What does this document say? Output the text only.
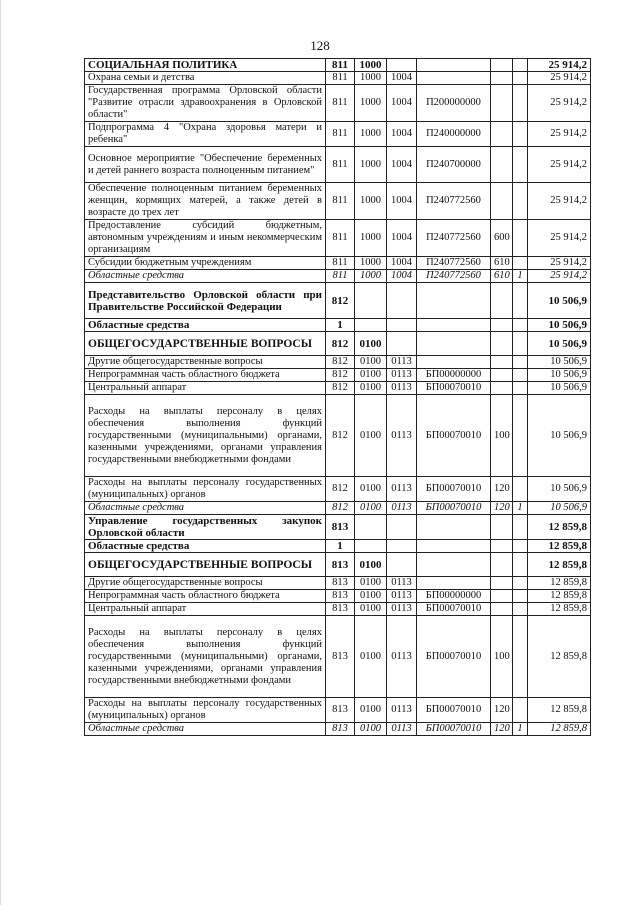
128
СОЦИАЛЬНАЯ ПОЛИТИКА	811	1000					25 914,2
Охрана семьи и детства	811	1000	1004				25 914,2
Государственная программа Орловской области "Развитие отрасли здравоохранения в Орловской области"	811	1000	1004	П200000000			25 914,2
Подпрограмма 4 "Охрана здоровья матери и ребенка"	811	1000	1004	П240000000			25 914,2
Основное мероприятие "Обеспечение беременных и детей раннего возраста полноценным питанием"	811	1000	1004	П240700000			25 914,2
Обеспечение полноценным питанием беременных женщин, кормящих матерей, а также детей в возрасте до трех лет	811	1000	1004	П240772560			25 914,2
Предоставление субсидий бюджетным, автономным учреждениям и иным некоммерческим организациям	811	1000	1004	П240772560	600		25 914,2
Субсидии бюджетным учреждениям	811	1000	1004	П240772560	610		25 914,2
Областные средства	811	1000	1004	П240772560	610	1	25 914,2
Представительство Орловской области при Правительстве Российской Федерации	812						10 506,9
Областные средства	1						10 506,9
ОБЩЕГОСУДАРСТВЕННЫЕ ВОПРОСЫ	812	0100					10 506,9
Другие общегосударственные вопросы	812	0100	0113				10 506,9
Непрограммная часть областного бюджета	812	0100	0113	БП00000000			10 506,9
Центральный аппарат	812	0100	0113	БП00070010			10 506,9
Расходы на выплаты персоналу в целях обеспечения выполнения функций государственными (муниципальными) органами, казенными учреждениями, органами управления государственными внебюджетными фондами	812	0100	0113	БП00070010	100		10 506,9
Расходы на выплаты персоналу государственных (муниципальных) органов	812	0100	0113	БП00070010	120		10 506,9
Областные средства	812	0100	0113	БП00070010	120	1	10 506,9
Управление государственных закупок Орловской области	813						12 859,8
Областные средства	1						12 859,8
ОБЩЕГОСУДАРСТВЕННЫЕ ВОПРОСЫ	813	0100					12 859,8
Другие общегосударственные вопросы	813	0100	0113				12 859,8
Непрограммная часть областного бюджета	813	0100	0113	БП00000000			12 859,8
Центральный аппарат	813	0100	0113	БП00070010			12 859,8
Расходы на выплаты персоналу в целях обеспечения выполнения функций государственными (муниципальными) органами, казенными учреждениями, органами управления государственными внебюджетными фондами	813	0100	0113	БП00070010	100		12 859,8
Расходы на выплаты персоналу государственных (муниципальных) органов	813	0100	0113	БП00070010	120		12 859,8
Областные средства	813	0100	0113	БП00070010	120	1	12 859,8
